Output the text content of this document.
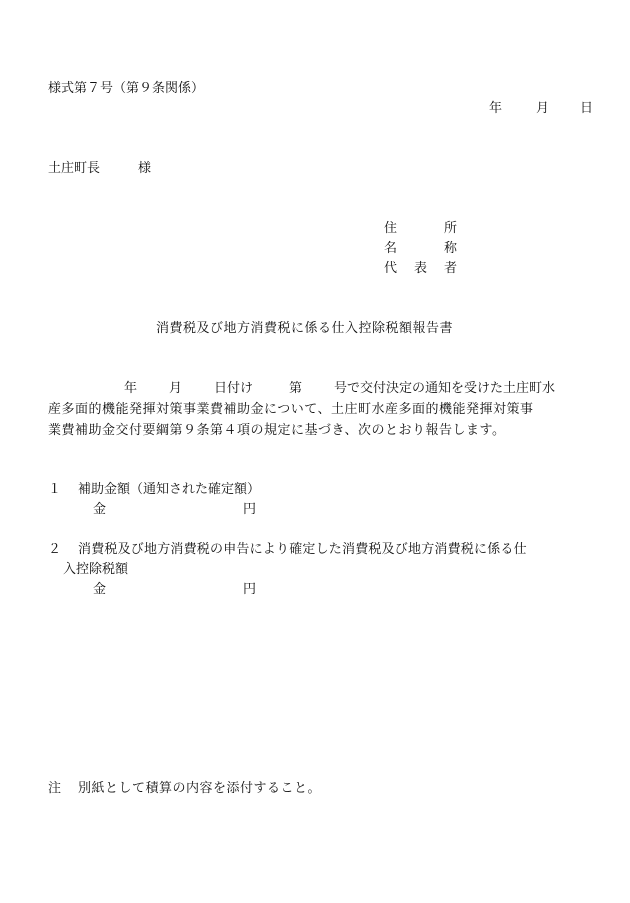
様式第７号（第９条関係）
年	月 日
土庄町長	様
住	所
名	称
代 表 者
消費税及び地方消費税に係る仕入控除税額報告書
年 月 日付け	第 号で交付決定の通知を受けた土庄町水
産多面的機能発揮対策事業費補助金について、土庄町水産多面的機能発揮対策事
業費補助金交付要綱第９条第４項の規定に基づき、次のとおり報告します。
１ 補助金額（通知された確定額）
金	円
２ 消費税及び地方消費税の申告により確定した消費税及び地方消費税に係る仕
入控除税額
金	円
注 別紙として積算の内容を添付すること。
